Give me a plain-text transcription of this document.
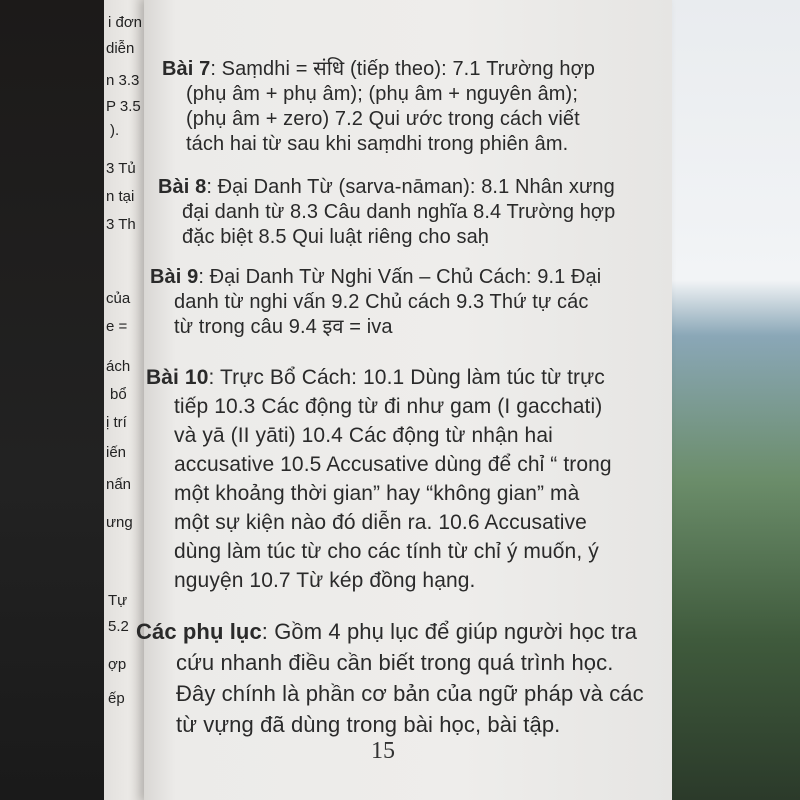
i đơn
diễn
n 3.3
P 3.5
).
3 Tủ
n tại
3 Th
của
e =
ách
bổ
ị trí
iến
nấn
ưng
Tự
5.2
ợp
ếp
Bài 7: Saṃdhi = संधि (tiếp theo): 7.1 Trường hợp
(phụ âm + phụ âm); (phụ âm + nguyên âm);
(phụ âm + zero) 7.2 Qui ước trong cách viết
tách hai từ sau khi saṃdhi trong phiên âm.
Bài 8: Đại Danh Từ (sarva-nāman): 8.1 Nhân xưng
đại danh từ 8.3 Câu danh nghĩa 8.4 Trường hợp
đặc biệt 8.5 Qui luật riêng cho saḥ
Bài 9: Đại Danh Từ Nghi Vấn – Chủ Cách: 9.1 Đại
danh từ nghi vấn 9.2 Chủ cách 9.3 Thứ tự các
từ trong câu 9.4 इव = iva
Bài 10: Trực Bổ Cách: 10.1 Dùng làm túc từ trực
tiếp 10.3 Các động từ đi như gam (I gacchati)
và yā (II yāti) 10.4 Các động từ nhận hai
accusative 10.5 Accusative dùng để chỉ “ trong
một khoảng thời gian” hay “không gian” mà
một sự kiện nào đó diễn ra. 10.6 Accusative
dùng làm túc từ cho các tính từ chỉ ý muốn, ý
nguyện 10.7 Từ kép đồng hạng.
Các phụ lục: Gồm 4 phụ lục để giúp người học tra
cứu nhanh điều cần biết trong quá trình học.
Đây chính là phần cơ bản của ngữ pháp và các
từ vựng đã dùng trong bài học, bài tập.
15
